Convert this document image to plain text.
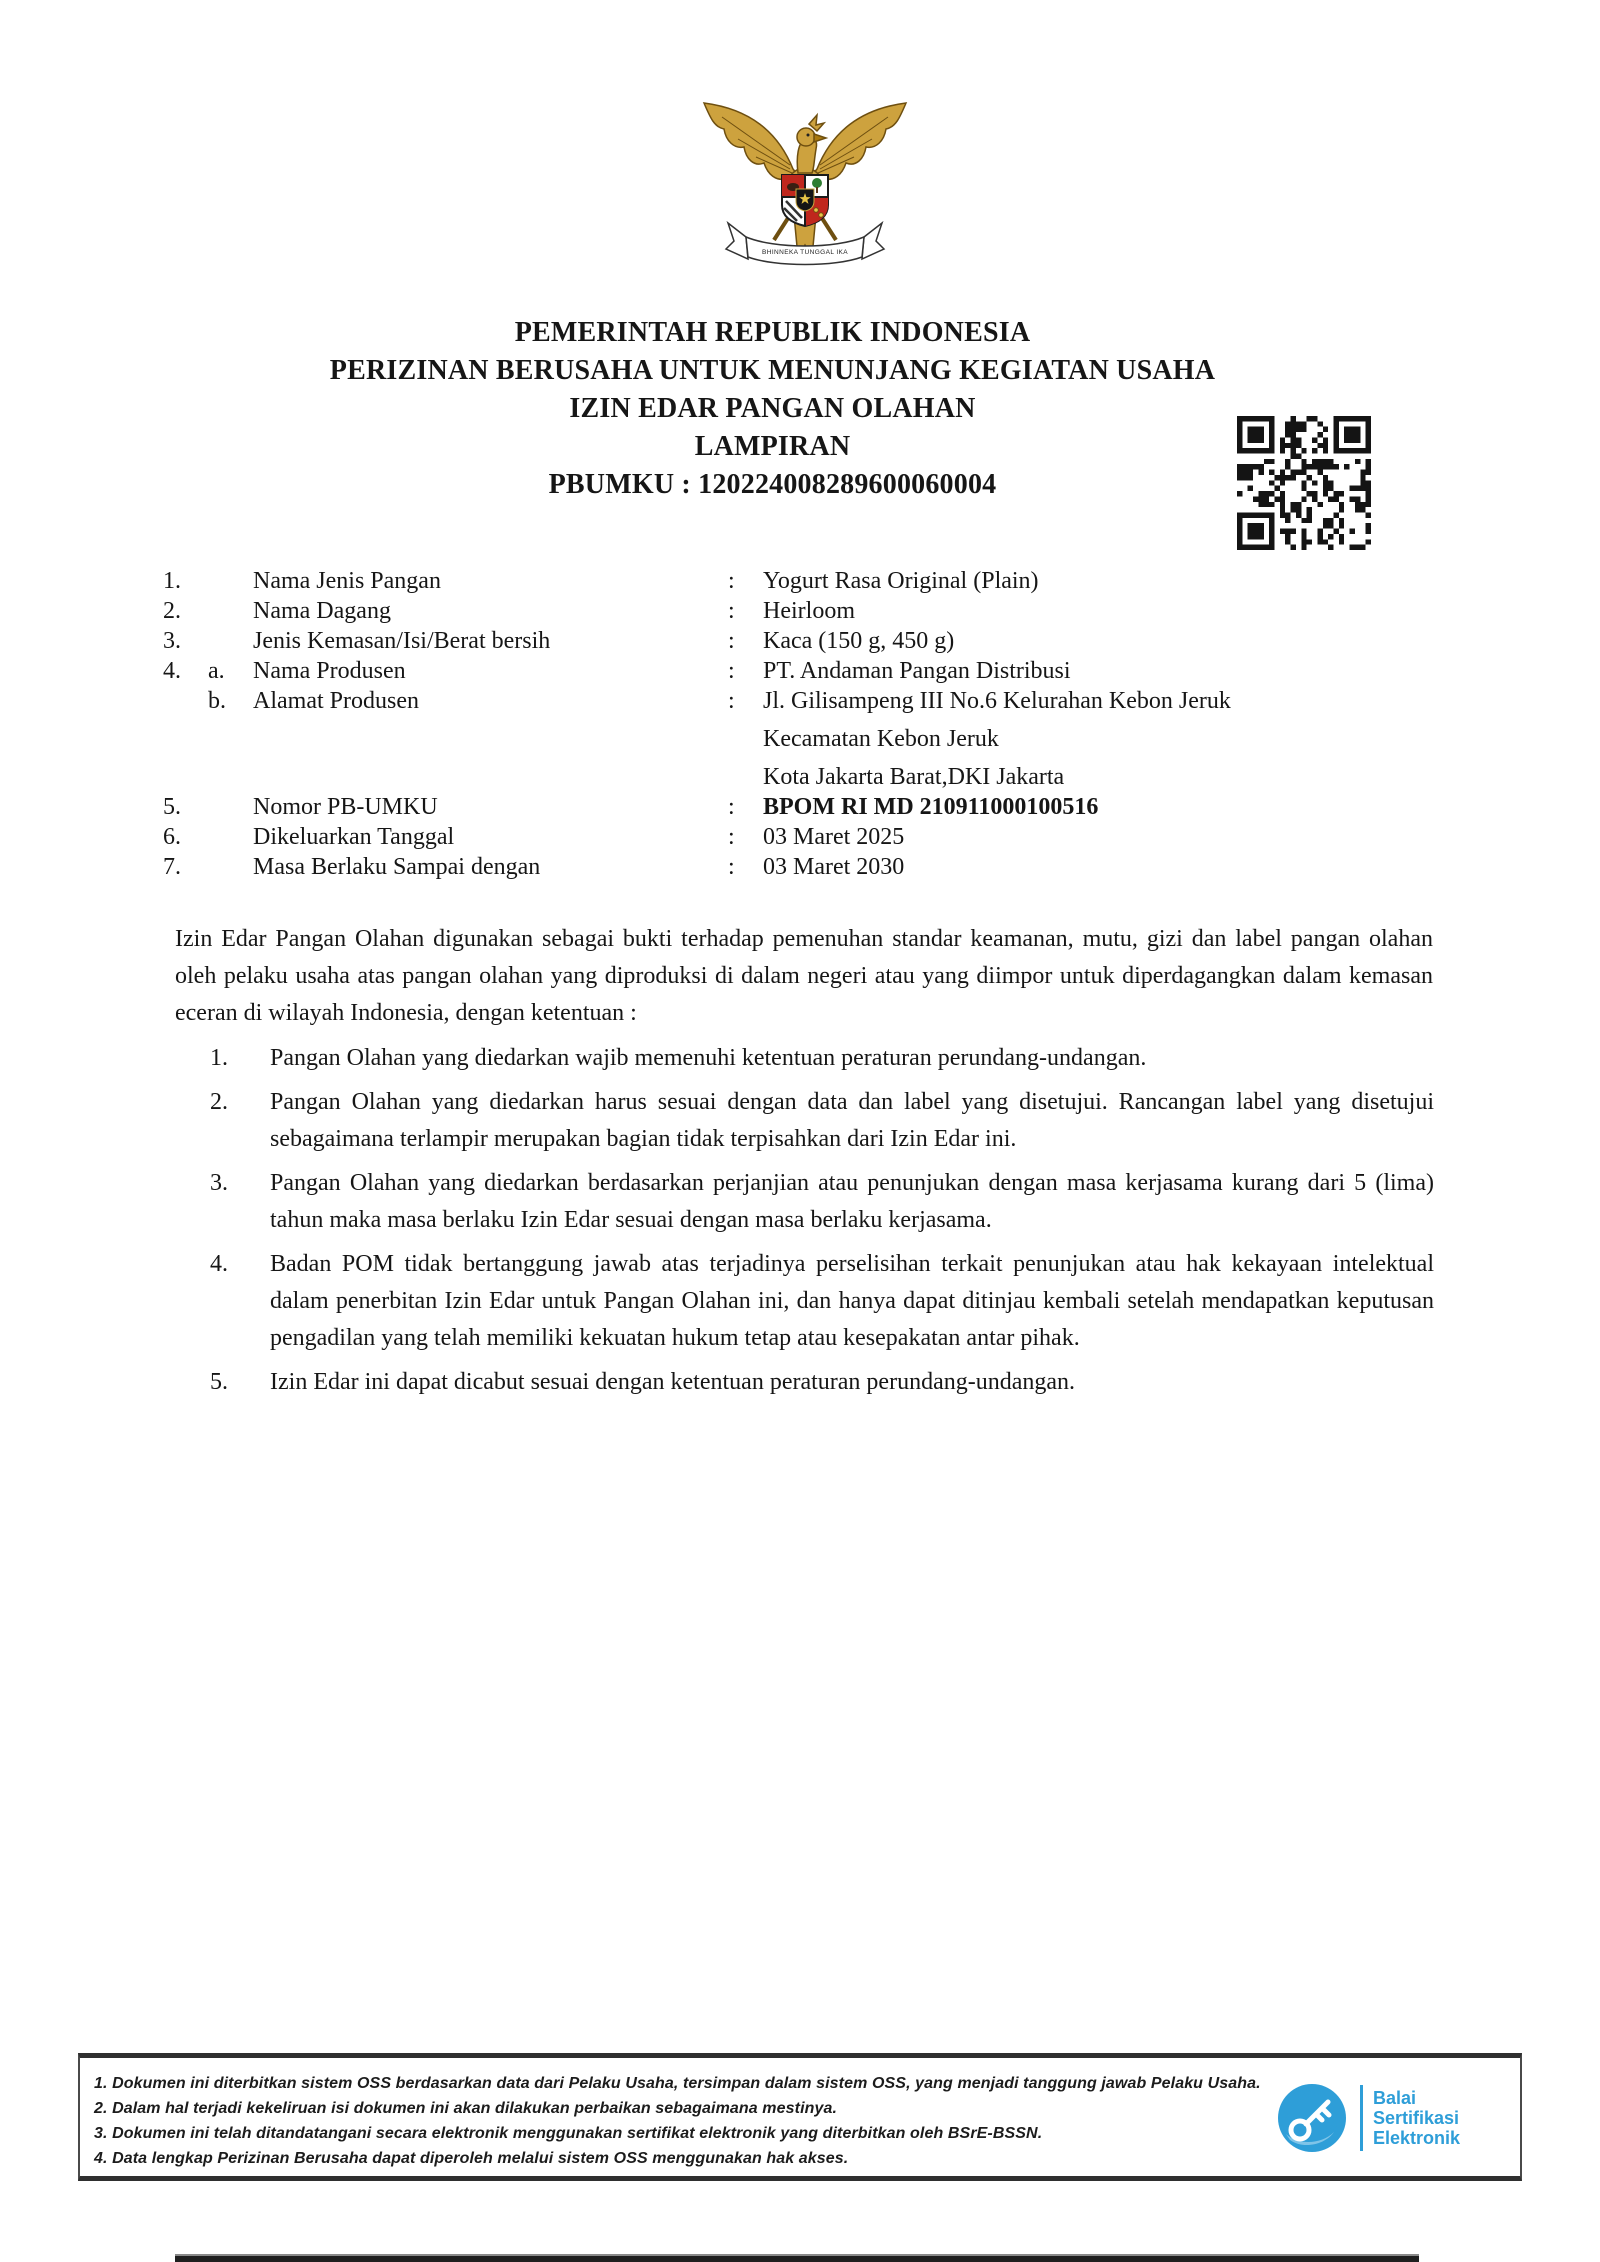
BHINNEKA TUNGGAL IKA
PEMERINTAH REPUBLIK INDONESIA
PERIZINAN BERUSAHA UNTUK MENUNJANG KEGIATAN USAHA
IZIN EDAR PANGAN OLAHAN
LAMPIRAN
PBUMKU : 120224008289600060004
1.	Nama Jenis Pangan	:	Yogurt Rasa Original (Plain)
2.	Nama Dagang	:	Heirloom
3.	Jenis Kemasan/Isi/Berat bersih	:	Kaca (150 g, 450 g)
4.	a.	Nama Produsen	:	PT. Andaman Pangan Distribusi
b.	Alamat Produsen	:	Jl. Gilisampeng III No.6 Kelurahan Kebon Jeruk
Kecamatan Kebon Jeruk
Kota Jakarta Barat,DKI Jakarta
5.	Nomor PB-UMKU	:	BPOM RI MD 210911000100516
6.	Dikeluarkan Tanggal	:	03 Maret 2025
7.	Masa Berlaku Sampai dengan	:	03 Maret 2030
Izin Edar Pangan Olahan digunakan sebagai bukti terhadap pemenuhan standar keamanan, mutu, gizi dan label pangan olahan oleh pelaku usaha atas pangan olahan yang diproduksi di dalam negeri atau yang diimpor untuk diperdagangkan dalam kemasan eceran di wilayah Indonesia, dengan ketentuan :
1.	Pangan Olahan yang diedarkan wajib memenuhi ketentuan peraturan perundang-undangan.
2.	Pangan Olahan yang diedarkan harus sesuai dengan data dan label yang disetujui. Rancangan label yang disetujui sebagaimana terlampir merupakan bagian tidak terpisahkan dari Izin Edar ini.
3.	Pangan Olahan yang diedarkan berdasarkan perjanjian atau penunjukan dengan masa kerjasama kurang dari 5 (lima) tahun maka masa berlaku Izin Edar sesuai dengan masa berlaku kerjasama.
4.	Badan POM tidak bertanggung jawab atas terjadinya perselisihan terkait penunjukan atau hak kekayaan intelektual dalam penerbitan Izin Edar untuk Pangan Olahan ini, dan hanya dapat ditinjau kembali setelah mendapatkan keputusan pengadilan yang telah memiliki kekuatan hukum tetap atau kesepakatan antar pihak.
5.	Izin Edar ini dapat dicabut sesuai dengan ketentuan peraturan perundang-undangan.
1. Dokumen ini diterbitkan sistem OSS berdasarkan data dari Pelaku Usaha, tersimpan dalam sistem OSS, yang menjadi tanggung jawab Pelaku Usaha.
2. Dalam hal terjadi kekeliruan isi dokumen ini akan dilakukan perbaikan sebagaimana mestinya.
3. Dokumen ini telah ditandatangani secara elektronik menggunakan sertifikat elektronik yang diterbitkan oleh BSrE-BSSN.
4. Data lengkap Perizinan Berusaha dapat diperoleh melalui sistem OSS menggunakan hak akses.
Balai
Sertifikasi
Elektronik
